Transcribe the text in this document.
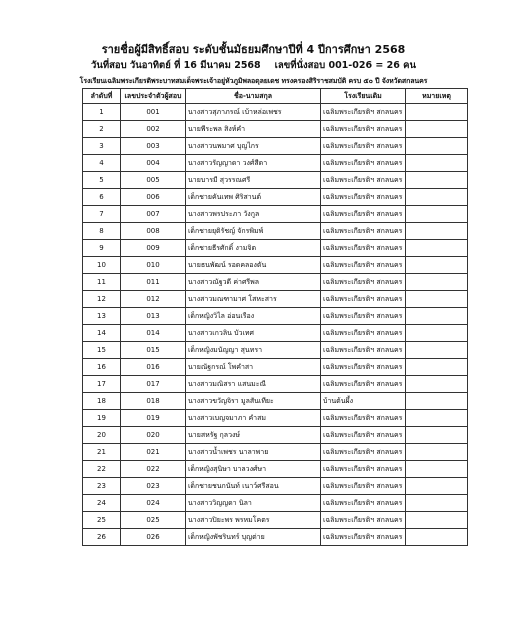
รายชื่อผู้มีสิทธิ์สอบ ระดับชั้นมัธยมศึกษาปีที่ 4 ปีการศึกษา 2568
วันที่สอบ วันอาทิตย์ ที่ 16 มีนาคม 2568 เลขที่นั่งสอบ 001-026 = 26 คน
โรงเรียนเฉลิมพระเกียรติพระบาทสมเด็จพระเจ้าอยู่หัวภูมิพลอดุลยเดช ทรงครองสิริราชสมบัติ ครบ ๕๐ ปี จังหวัดสกลนคร
ลำดับที่	เลขประจำตัวผู้สอบ	ชื่อ-นามสกุล	โรงเรียนเดิม	หมายเหตุ
1	001	นางสาวสุภาภรณ์ เบ้าหล่อเพชร	เฉลิมพระเกียรติฯ สกลนคร	
2	002	นายพีระพล สิงห์คำ	เฉลิมพระเกียรติฯ สกลนคร	
3	003	นางสาวนพมาศ บุญไกร	เฉลิมพระเกียรติฯ สกลนคร	
4	004	นางสาวรัญญาดา วงศ์สีดา	เฉลิมพระเกียรติฯ สกลนคร	
5	005	นายบารมี สุวรรณศรี	เฉลิมพระเกียรติฯ สกลนคร	
6	006	เด็กชายคันเทพ ศิริสานต์	เฉลิมพระเกียรติฯ สกลนคร	
7	007	นางสาวพรประภา วังกูล	เฉลิมพระเกียรติฯ สกลนคร	
8	008	เด็กชายยุติรัชญ์ จักรพิมพ์	เฉลิมพระเกียรติฯ สกลนคร	
9	009	เด็กชายธีรศักดิ์ งามจิต	เฉลิมพระเกียรติฯ สกลนคร	
10	010	นายธนพัฒน์ รอดคลองตัน	เฉลิมพระเกียรติฯ สกลนคร	
11	011	นางสาวณัฐวดี ค่าศรีพล	เฉลิมพระเกียรติฯ สกลนคร	
12	012	นางสาวมณฑามาศ โสหะสาร	เฉลิมพระเกียรติฯ สกลนคร	
13	013	เด็กหญิงวิไล อ่อนเรือง	เฉลิมพระเกียรติฯ สกลนคร	
14	014	นางสาวเกวลิน บัวเทศ	เฉลิมพระเกียรติฯ สกลนคร	
15	015	เด็กหญิงมนัญญา สุนทรา	เฉลิมพระเกียรติฯ สกลนคร	
16	016	นายณัฐกรณ์ โพคำสา	เฉลิมพระเกียรติฯ สกลนคร	
17	017	นางสาวมณิสรา แสนมะณี	เฉลิมพระเกียรติฯ สกลนคร	
18	018	นางสาวขวัญจิรา มูลสันเทียะ	บ้านต้นผึ้ง	
19	019	นางสาวเบญจมาภา คำสม	เฉลิมพระเกียรติฯ สกลนคร	
20	020	นายสหรัฐ กุลวงษ์	เฉลิมพระเกียรติฯ สกลนคร	
21	021	นางสาวน้ำเพชร นาลาพาย	เฉลิมพระเกียรติฯ สกลนคร	
22	022	เด็กหญิงสุนิษา บาลวงศ์ษา	เฉลิมพระเกียรติฯ สกลนคร	
23	023	เด็กชายชนกนันท์ เนาว์ศรีสอน	เฉลิมพระเกียรติฯ สกลนคร	
24	024	นางสาววิญญดา นิลา	เฉลิมพระเกียรติฯ สกลนคร	
25	025	นางสาวปิยะพร พรหมโคตร	เฉลิมพระเกียรติฯ สกลนคร	
26	026	เด็กหญิงพัชรินทร์ บุญต่าย	เฉลิมพระเกียรติฯ สกลนคร	
